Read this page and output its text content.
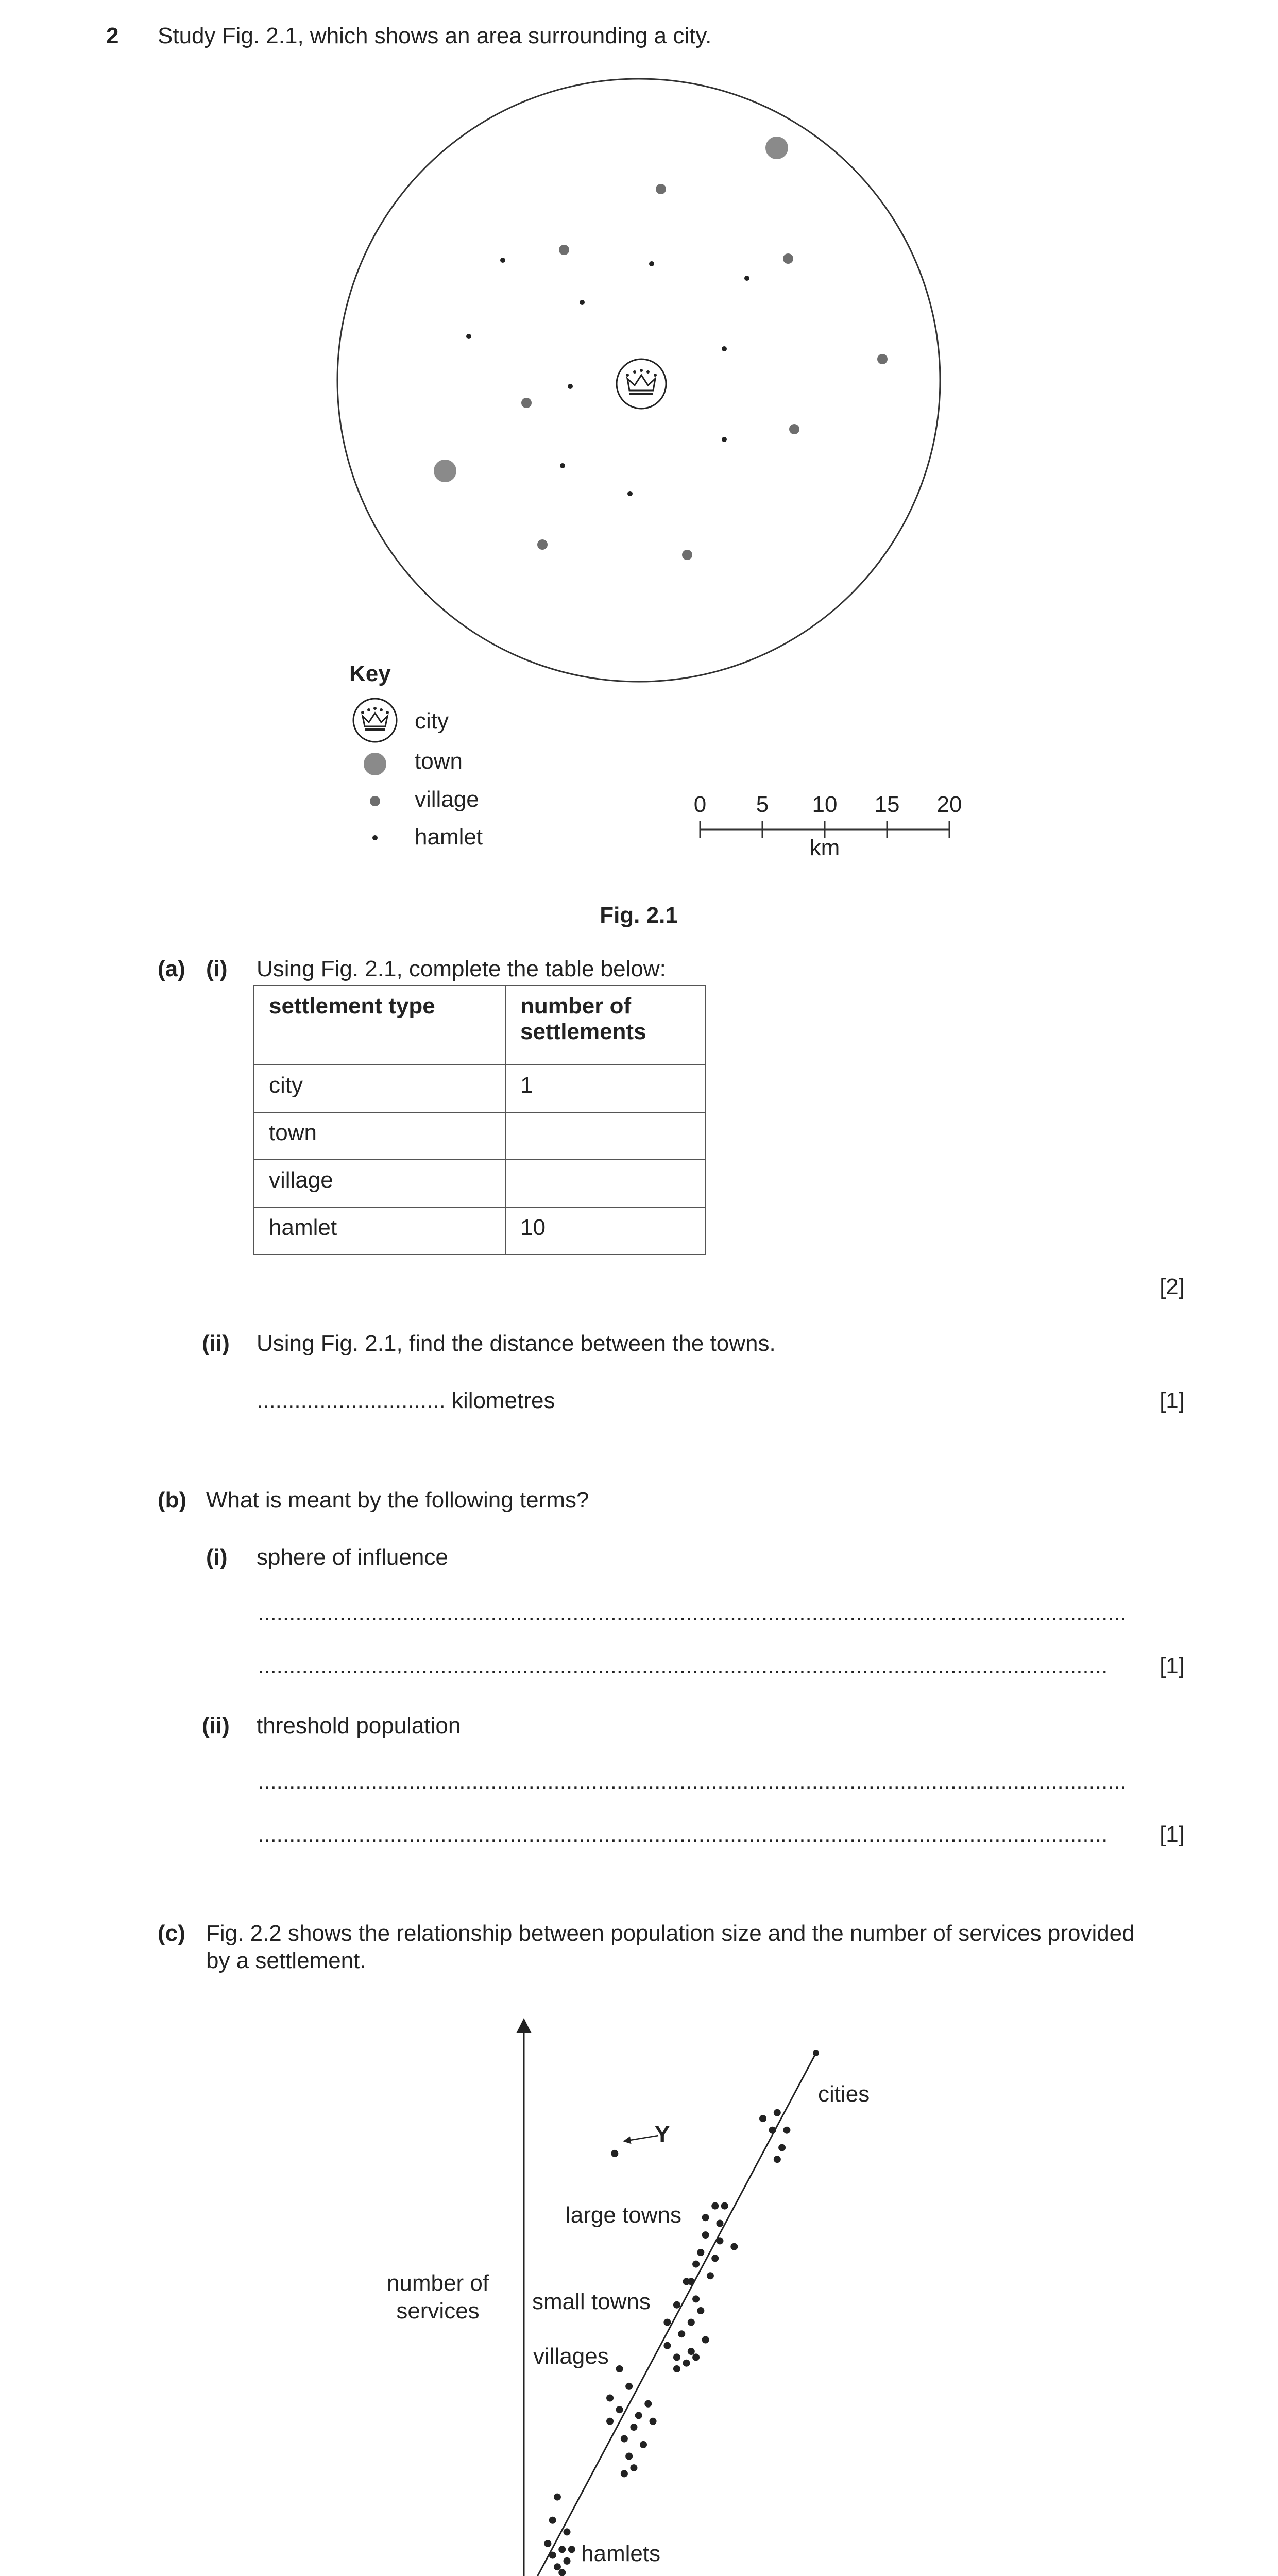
2 Study Fig. 2.1, which shows an area surrounding a city.
Key
city
town
village
hamlet
0	5	10 15 20
km
Fig. 2.1
(a) (i) Using Fig. 2.1, complete the table below:
settlement type	number of settlements
city	1
town	
village	
hamlet	10
[2]
(ii) Using Fig. 2.1, find the distance between the towns.
.............................. kilometres	[1]
(b) What is meant by the following terms?
(i) sphere of influence
..........................................................................................................................................
.......................................................................................................................................	[1]
(ii) threshold population
..........................................................................................................................................
.......................................................................................................................................	[1]
(c) Fig. 2.2 shows the relationship between population size and the number of services provided
by a settlement.
Y
cities
large towns
small towns
villages
hamlets
number of services
